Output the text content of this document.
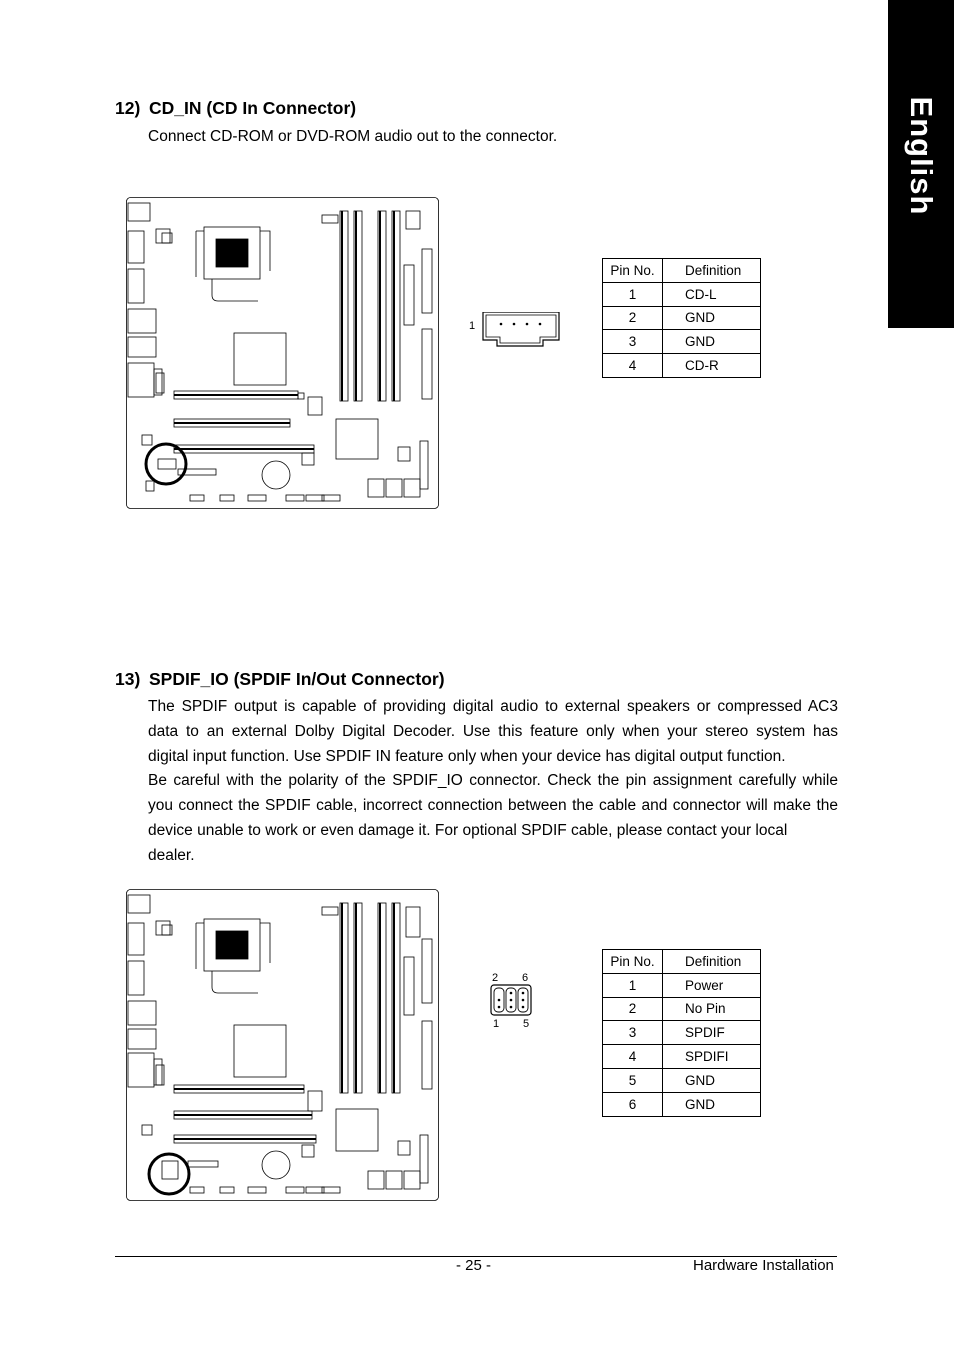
English
12) CD_IN (CD In Connector)
Connect CD-ROM or DVD-ROM audio out to the connector.
1
Pin No.	Definition
1	CD-L
2	GND
3	GND
4	CD-R
13) SPDIF_IO (SPDIF In/Out Connector)
The SPDIF output is capable of providing digital audio to external speakers or compressed AC3
data to an external Dolby Digital Decoder. Use this feature only when your stereo system has
digital input function. Use SPDIF IN feature only when your device has digital output function.
Be careful with the polarity of the SPDIF_IO connector. Check the pin assignment carefully while
you connect the SPDIF cable, incorrect connection between the cable and connector will make the
device unable to work or even damage it. For optional SPDIF cable, please contact your local
dealer.
2 6
1 5
Pin No.	Definition
1	Power
2	No Pin
3	SPDIF
4	SPDIFI
5	GND
6	GND
- 25 -	Hardware Installation
